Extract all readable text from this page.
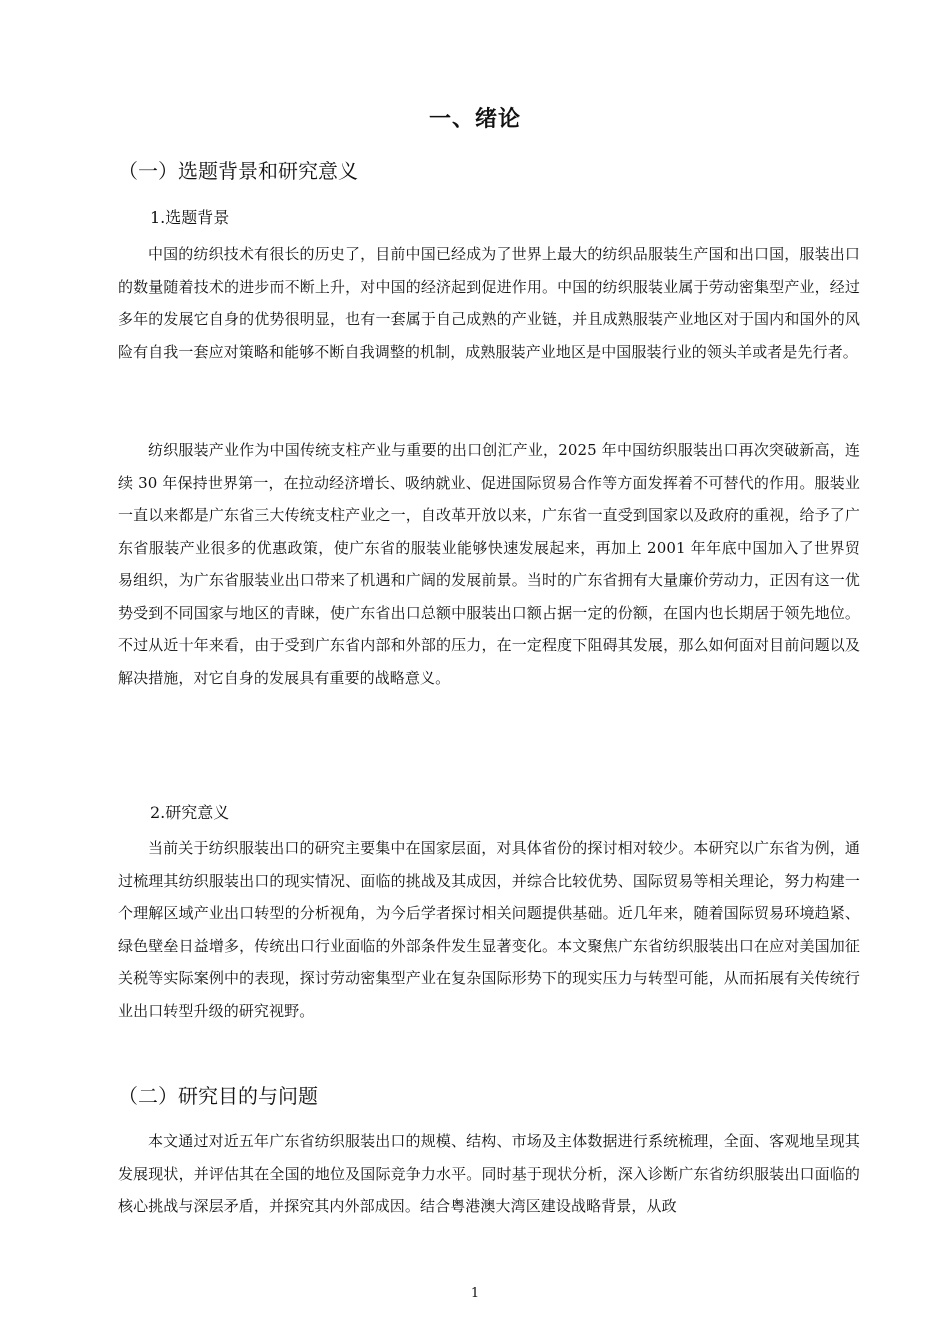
一、绪论
（一）选题背景和研究意义
1.选题背景
中国的纺织技术有很长的历史了，目前中国已经成为了世界上最大的纺织品服装生产国和出口国，服装出口的数量随着技术的进步而不断上升，对中国的经济起到促进作用。中国的纺织服装业属于劳动密集型产业，经过多年的发展它自身的优势很明显，也有一套属于自己成熟的产业链，并且成熟服装产业地区对于国内和国外的风险有自我一套应对策略和能够不断自我调整的机制，成熟服装产业地区是中国服装行业的领头羊或者是先行者。
纺织服装产业作为中国传统支柱产业与重要的出口创汇产业，2025 年中国纺织服装出口再次突破新高，连续 30 年保持世界第一，在拉动经济增长、吸纳就业、促进国际贸易合作等方面发挥着不可替代的作用。服装业一直以来都是广东省三大传统支柱产业之一，自改革开放以来，广东省一直受到国家以及政府的重视，给予了广东省服装产业很多的优惠政策，使广东省的服装业能够快速发展起来，再加上 2001 年年底中国加入了世界贸易组织，为广东省服装业出口带来了机遇和广阔的发展前景。当时的广东省拥有大量廉价劳动力，正因有这一优势受到不同国家与地区的青睐，使广东省出口总额中服装出口额占据一定的份额，在国内也长期居于领先地位。不过从近十年来看，由于受到广东省内部和外部的压力，在一定程度下阻碍其发展，那么如何面对目前问题以及解决措施，对它自身的发展具有重要的战略意义。
2.研究意义
当前关于纺织服装出口的研究主要集中在国家层面，对具体省份的探讨相对较少。本研究以广东省为例，通过梳理其纺织服装出口的现实情况、面临的挑战及其成因，并综合比较优势、国际贸易等相关理论，努力构建一个理解区域产业出口转型的分析视角，为今后学者探讨相关问题提供基础。近几年来，随着国际贸易环境趋紧、绿色壁垒日益增多，传统出口行业面临的外部条件发生显著变化。本文聚焦广东省纺织服装出口在应对美国加征关税等实际案例中的表现，探讨劳动密集型产业在复杂国际形势下的现实压力与转型可能，从而拓展有关传统行业出口转型升级的研究视野。
（二）研究目的与问题
本文通过对近五年广东省纺织服装出口的规模、结构、市场及主体数据进行系统梳理，全面、客观地呈现其发展现状，并评估其在全国的地位及国际竞争力水平。同时基于现状分析，深入诊断广东省纺织服装出口面临的核心挑战与深层矛盾，并探究其内外部成因。结合粤港澳大湾区建设战略背景，从政
1
